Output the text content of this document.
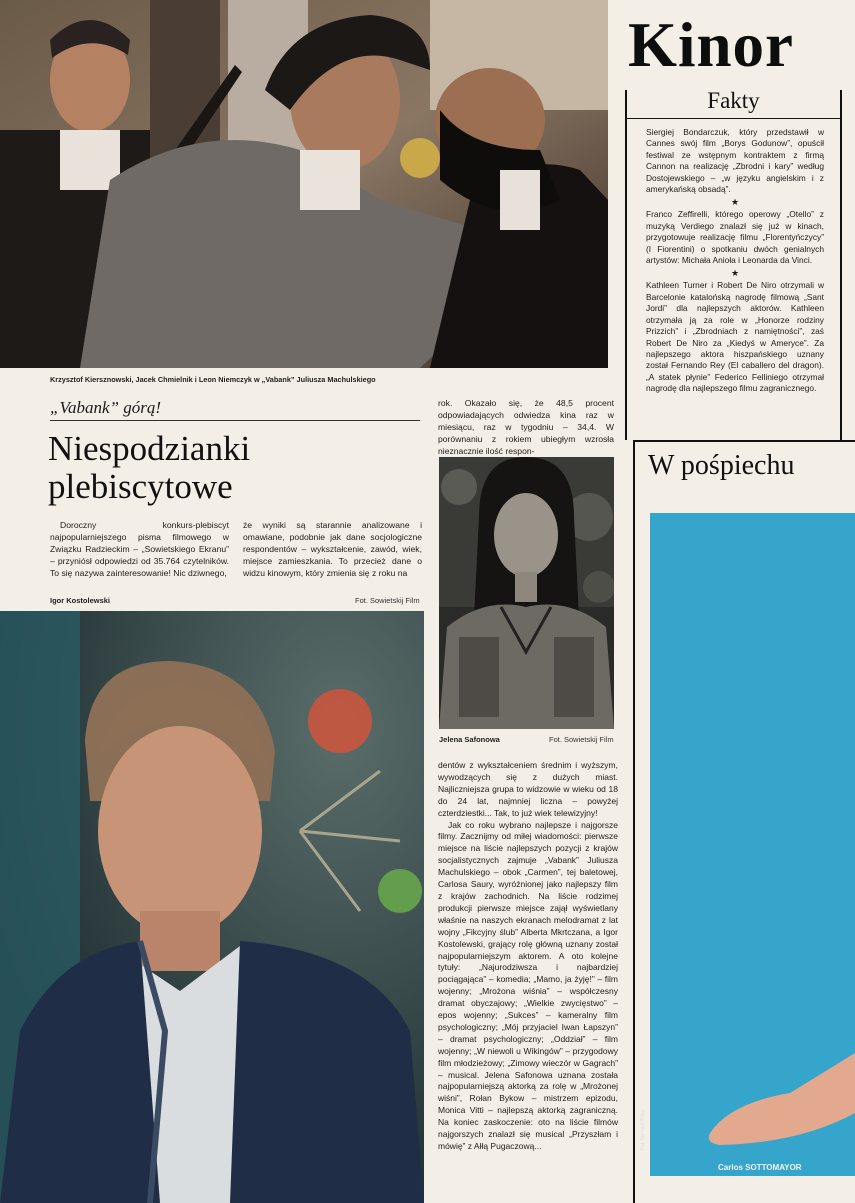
Krzysztof Kiersznowski, Jacek Chmielnik i Leon Niemczyk w „Vabank” Juliusza Machulskiego
„Vabank” górą!
Niespodzianki
plebiscytowe

Doroczny konkurs-plebiscyt najpopularniejszego pisma filmowego w Związku Radzieckim – „Sowietskiego Ekranu” – przyniósł odpowiedzi od 35.764 czytelników. To się nazywa zainteresowanie! Nic dziwnego,

że wyniki są starannie analizowane i omawiane, podobnie jak dane socjologiczne respondentów – wykształcenie, zawód, wiek, miejsce zamieszkania. To przecież dane o widzu kinowym, który zmienia się z roku na

rok. Okazało się, że 48,5 procent odpowiadających odwiedza kina raz w miesiącu, raz w tygodniu – 34,4. W porównaniu z rokiem ubiegłym wzrosła nieznacznie ilość respon-

Igor Kostolewski	Fot. Sowietskij Film
Jelena Safonowa	Fot. Sowietskij Film

dentów z wykształceniem średnim i wyższym, wywodzących się z dużych miast. Najliczniejsza grupa to widzowie w wieku od 18 do 24 lat, najmniej liczna – powyżej czterdziestki... Tak, to już wiek telewizyjny!

Jak co roku wybrano najlepsze i najgorsze filmy. Zacznijmy od miłej wiadomości: pierwsze miejsce na liście najlepszych pozycji z krajów socjalistycznych zajmuje „Vabank” Juliusza Machulskiego – obok „Carmen”, tej baletowej, Carlosa Saury, wyróżnionej jako najlepszy film z krajów zachodnich. Na liście rodzimej produkcji pierwsze miejsce zajął wyświetlany właśnie na naszych ekranach melodramat z lat wojny „Fikcyjny ślub” Alberta Mkrtczana, a Igor Kostolewski, grający rolę główną uznany został najpopularniejszym aktorem. A oto kolejne tytuły: „Najurodziwsza i najbardziej pociągająca” – komedia; „Mamo, ja żyję!” – film wojenny; „Mrożona wiśnia” – współczesny dramat obyczajowy; „Wielkie zwycięstwo” – epos wojenny; „Sukces” – kameralny film psychologiczny; „Mój przyjaciel Iwan Łapszyn” – dramat psychologiczny; „Oddział” – film wojenny; „W niewoli u Wikingów” – przygodowy film młodzieżowy; „Zimowy wieczór w Gagrach” – musical. Jelena Safonowa uznana została najpopularniejszą aktorką za rolę w „Mrożonej wiśni”, Rołan Bykow – mistrzem epizodu, Monica Vitti – najlepszą aktorką zagraniczną. Na koniec zaskoczenie: oto na liście filmów najgorszych znalazł się musical „Przyszłam i mówię” z Ałłą Pugaczową...

Kinor
Fakty

Siergiej Bondarczuk, który przedstawił w Cannes swój film „Borys Godunow”, opuścił festiwal ze wstępnym kontraktem z firmą Cannon na realizację „Zbrodni i kary” według Dostojewskiego – „w języku angielskim i z amerykańską obsadą”.

★

Franco Zeffirelli, którego operowy „Otello” z muzyką Verdiego znalazł się już w kinach, przygotowuje realizację filmu „Florentyńczycy” (I Fiorentini) o spotkaniu dwóch genialnych artystów: Michała Anioła i Leonarda da Vinci.

★

Kathleen Turner i Robert De Niro otrzymali w Barcelonie katalońską nagrodę filmową „Sant Jordi” dla najlepszych aktorów. Kathleen otrzymała ją za role w „Honorze rodziny Prizzich” i „Zbrodniach z namiętności”, zaś Robert De Niro za „Kiedyś w Ameryce”. Za najlepszego aktora hiszpańskiego uznany został Fernando Rey (El caballero del dragon). „A statek płynie” Federico Felliniego otrzymał nagrodę dla najlepszego filmu zagranicznego.

W pośpiechu
Fot. Bernard Bilau
Carlos SOTTOMAYOR
